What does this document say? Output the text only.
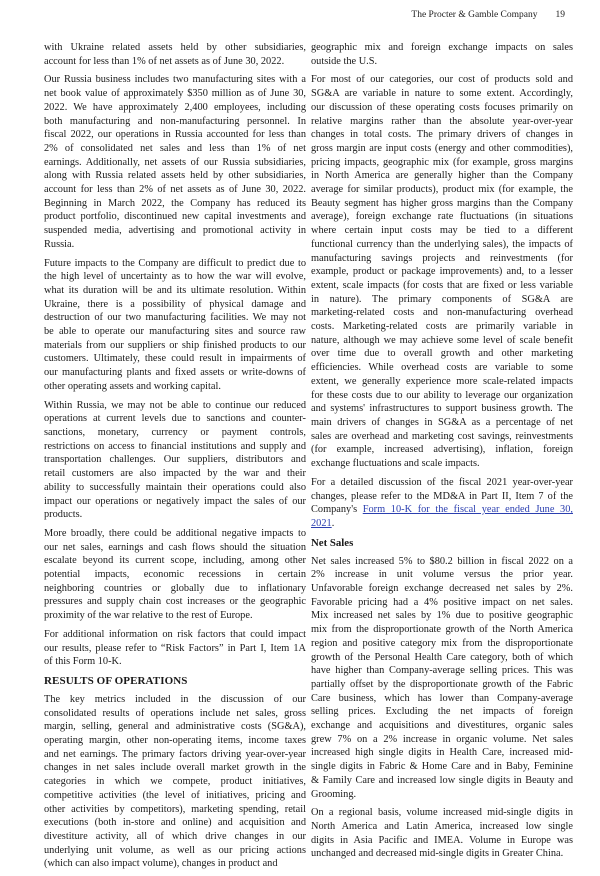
The Procter & Gamble Company 19
with Ukraine related assets held by other subsidiaries,
account for less than 1% of net assets as of June 30, 2022.
Our Russia business includes two manufacturing sites with a
net book value of approximately $350 million as of June 30,
2022. We have approximately 2,400 employees, including
both manufacturing and non-manufacturing personnel. In
fiscal 2022, our operations in Russia accounted for less than
2% of consolidated net sales and less than 1% of net
earnings. Additionally, net assets of our Russia subsidiaries,
along with Russia related assets held by other subsidiaries,
account for less than 2% of net assets as of June 30, 2022.
Beginning in March 2022, the Company has reduced its
product portfolio, discontinued new capital investments and
suspended media, advertising and promotional activity in
Russia.
Future impacts to the Company are difficult to predict due to
the high level of uncertainty as to how the war will evolve,
what its duration will be and its ultimate resolution. Within
Ukraine, there is a possibility of physical damage and
destruction of our two manufacturing facilities. We may not
be able to operate our manufacturing sites and source raw
materials from our suppliers or ship finished products to our
customers. Ultimately, these could result in impairments of
our manufacturing plants and fixed assets or write-downs of
other operating assets and working capital.
Within Russia, we may not be able to continue our reduced
operations at current levels due to sanctions and counter-
sanctions, monetary, currency or payment controls,
restrictions on access to financial institutions and supply and
transportation challenges. Our suppliers, distributors and
retail customers are also impacted by the war and their
ability to successfully maintain their operations could also
impact our operations or negatively impact the sales of our
products.
More broadly, there could be additional negative impacts to
our net sales, earnings and cash flows should the situation
escalate beyond its current scope, including, among other
potential impacts, economic recessions in certain
neighboring countries or globally due to inflationary
pressures and supply chain cost increases or the geographic
proximity of the war relative to the rest of Europe.
For additional information on risk factors that could impact
our results, please refer to “Risk Factors” in Part I, Item 1A
of this Form 10-K.
RESULTS OF OPERATIONS
The key metrics included in the discussion of our
consolidated results of operations include net sales, gross
margin, selling, general and administrative costs (SG&A),
operating margin, other non-operating items, income taxes
and net earnings. The primary factors driving year-over-year
changes in net sales include overall market growth in the
categories in which we compete, product initiatives,
competitive activities (the level of initiatives, pricing and
other activities by competitors), marketing spending, retail
executions (both in-store and online) and acquisition and
divestiture activity, all of which drive changes in our
underlying unit volume, as well as our pricing actions
(which can also impact volume), changes in product and
geographic mix and foreign exchange impacts on sales
outside the U.S.
For most of our categories, our cost of products sold and
SG&A are variable in nature to some extent. Accordingly,
our discussion of these operating costs focuses primarily on
relative margins rather than the absolute year-over-year
changes in total costs. The primary drivers of changes in
gross margin are input costs (energy and other commodities),
pricing impacts, geographic mix (for example, gross margins
in North America are generally higher than the Company
average for similar products), product mix (for example, the
Beauty segment has higher gross margins than the Company
average), foreign exchange rate fluctuations (in situations
where certain input costs may be tied to a different
functional currency than the underlying sales), the impacts of
manufacturing savings projects and reinvestments (for
example, product or package improvements) and, to a lesser
extent, scale impacts (for costs that are fixed or less variable
in nature). The primary components of SG&A are
marketing-related costs and non-manufacturing overhead
costs. Marketing-related costs are primarily variable in
nature, although we may achieve some level of scale benefit
over time due to overall growth and other marketing
efficiencies. While overhead costs are variable to some
extent, we generally experience more scale-related impacts
for these costs due to our ability to leverage our organization
and systems' infrastructures to support business growth. The
main drivers of changes in SG&A as a percentage of net
sales are overhead and marketing cost savings, reinvestments
(for example, increased advertising), inflation, foreign
exchange fluctuations and scale impacts.
For a detailed discussion of the fiscal 2021 year-over-year
changes, please refer to the MD&A in Part II, Item 7 of the
Company's Form 10-K for the fiscal year ended June 30,
2021.
Net Sales
Net sales increased 5% to $80.2 billion in fiscal 2022 on a
2% increase in unit volume versus the prior year.
Unfavorable foreign exchange decreased net sales by 2%.
Favorable pricing had a 4% positive impact on net sales.
Mix increased net sales by 1% due to positive geographic
mix from the disproportionate growth of the North America
region and positive category mix from the disproportionate
growth of the Personal Health Care category, both of which
have higher than Company-average selling prices. This was
partially offset by the disproportionate growth of the Fabric
Care business, which has lower than Company-average
selling prices. Excluding the net impacts of foreign
exchange and acquisitions and divestitures, organic sales
grew 7% on a 2% increase in organic volume. Net sales
increased high single digits in Health Care, increased mid-
single digits in Fabric & Home Care and in Baby, Feminine
& Family Care and increased low single digits in Beauty and
Grooming.
On a regional basis, volume increased mid-single digits in
North America and Latin America, increased low single
digits in Asia Pacific and IMEA. Volume in Europe was
unchanged and decreased mid-single digits in Greater China.
